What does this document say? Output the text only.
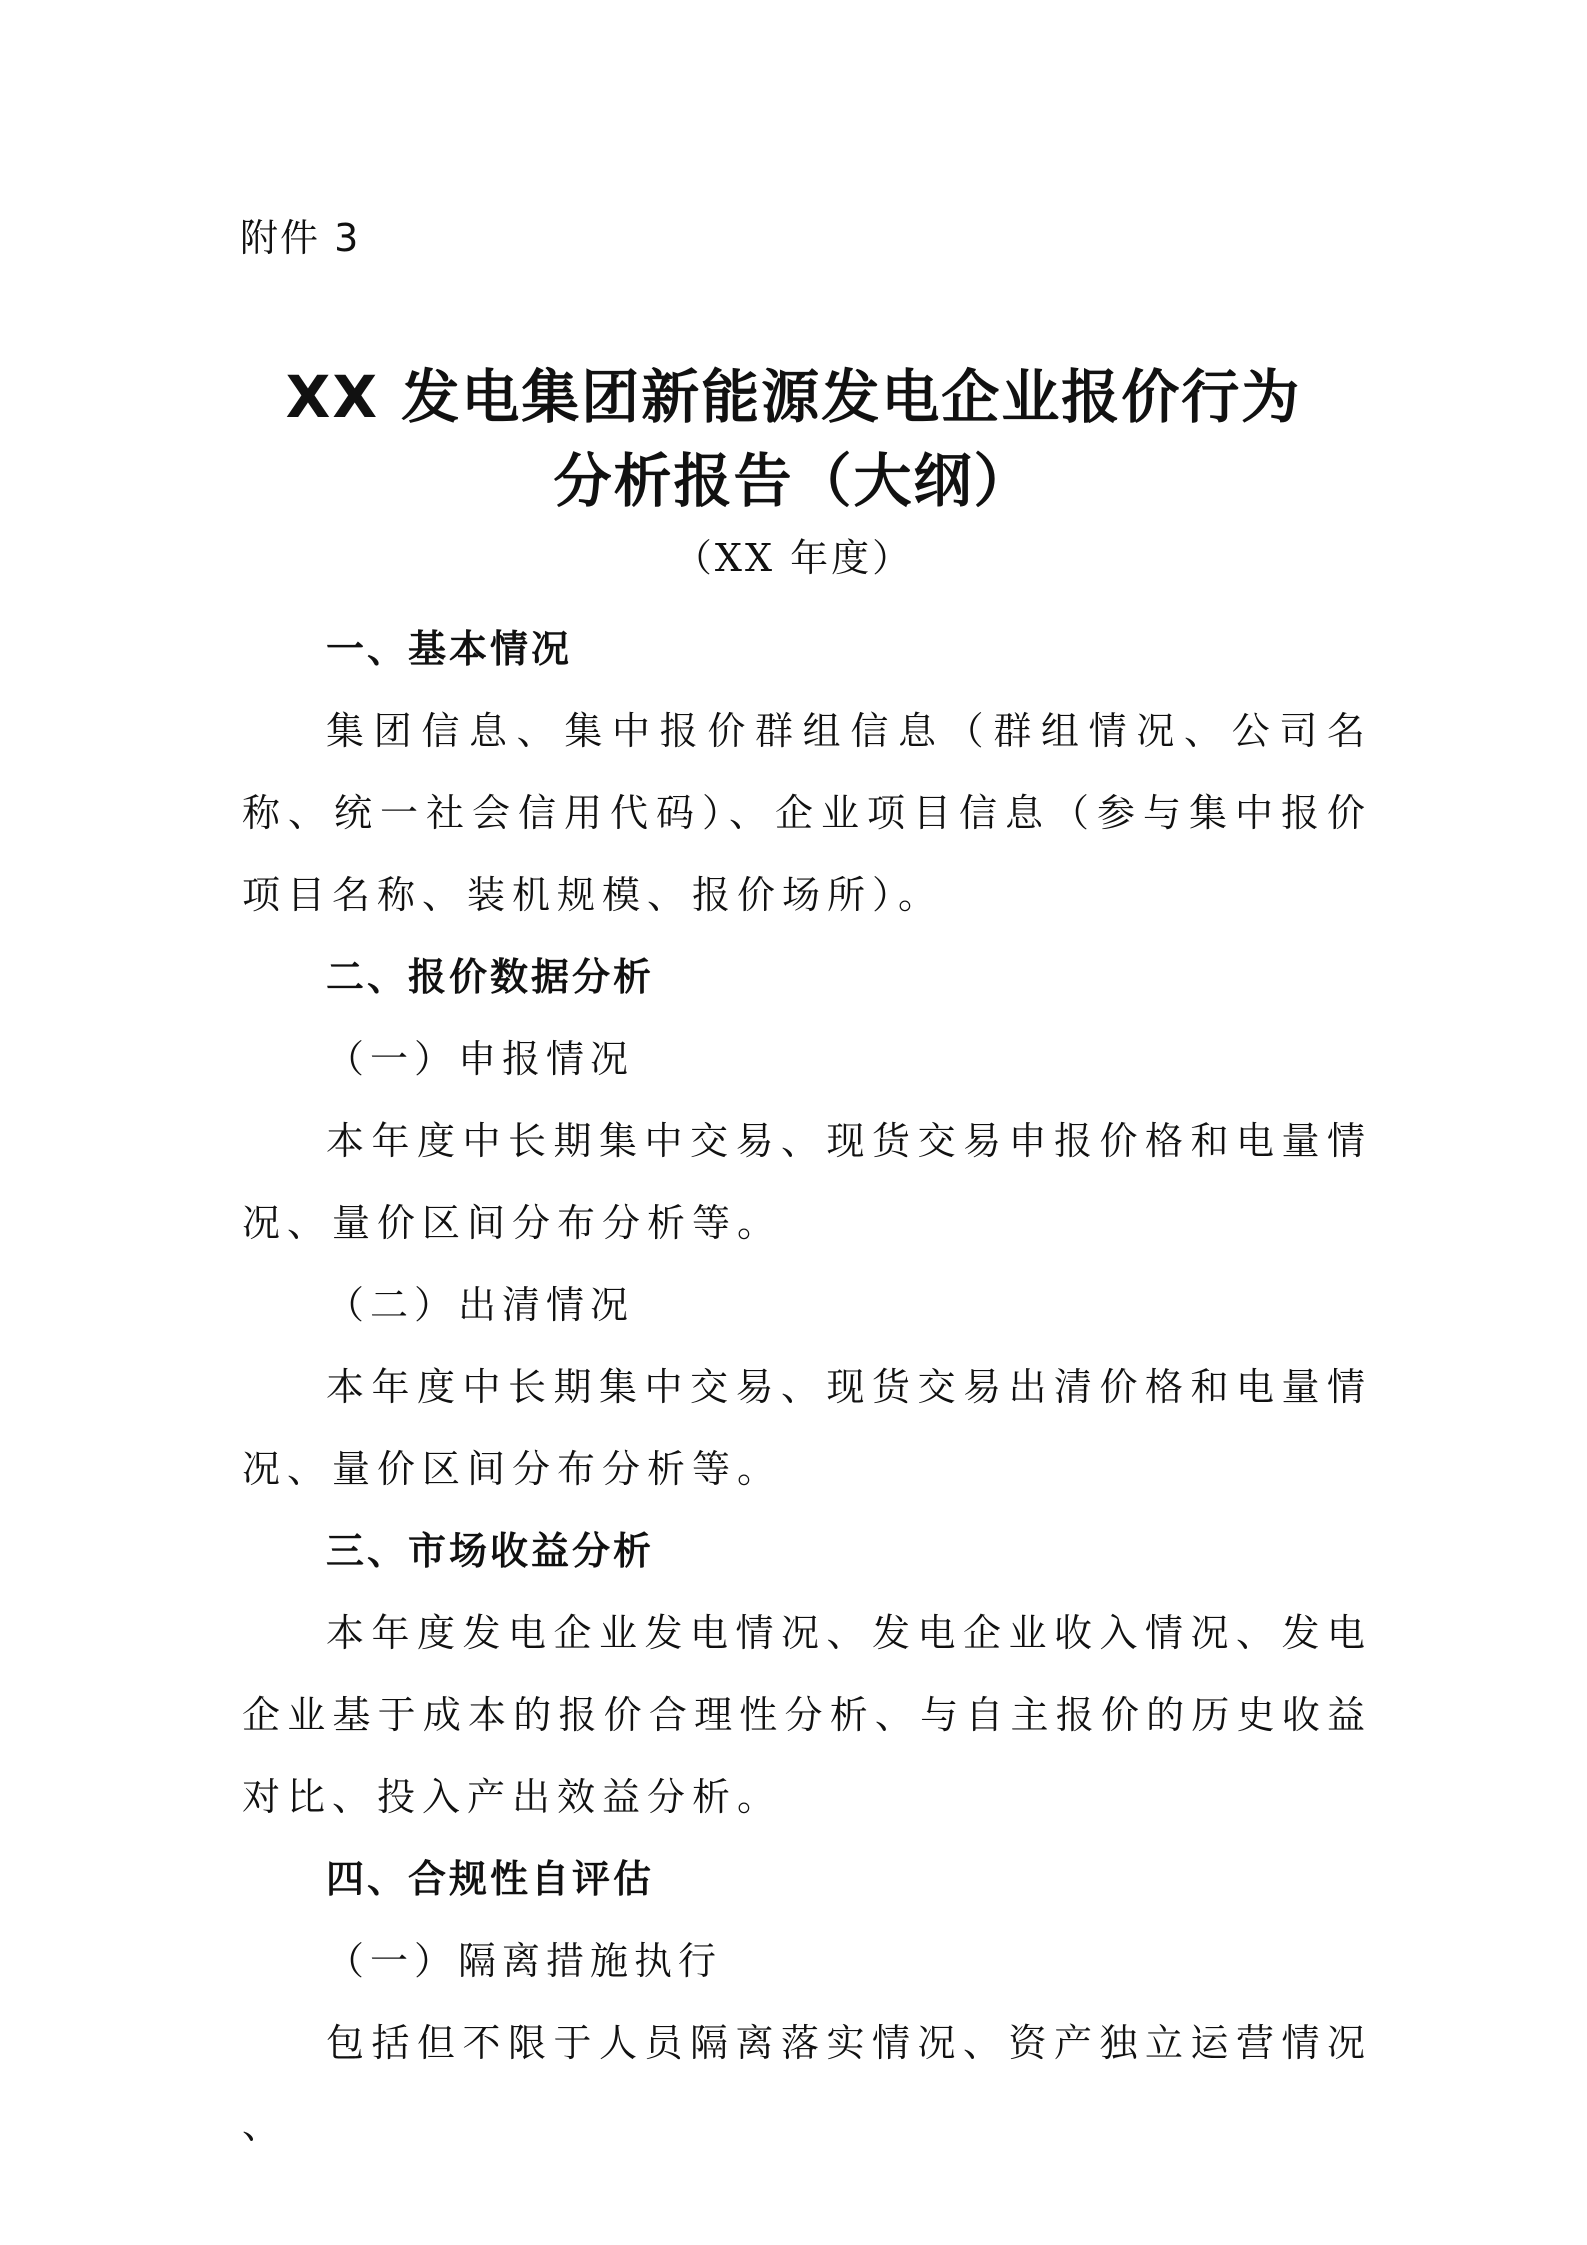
附件 3
XX 发电集团新能源发电企业报价行为
分析报告（大纲）
（XX 年度）

一、基本情况

集团信息、集中报价群组信息（群组情况、公司名称、统一社会信用代码）、企业项目信息（参与集中报价项目名称、装机规模、报价场所）。

二、报价数据分析

（一）申报情况

本年度中长期集中交易、现货交易申报价格和电量情况、量价区间分布分析等。

（二）出清情况

本年度中长期集中交易、现货交易出清价格和电量情况、量价区间分布分析等。

三、市场收益分析

本年度发电企业发电情况、发电企业收入情况、发电企业基于成本的报价合理性分析、与自主报价的历史收益对比、投入产出效益分析。

四、合规性自评估

（一）隔离措施执行

包括但不限于人员隔离落实情况、资产独立运营情况 、
